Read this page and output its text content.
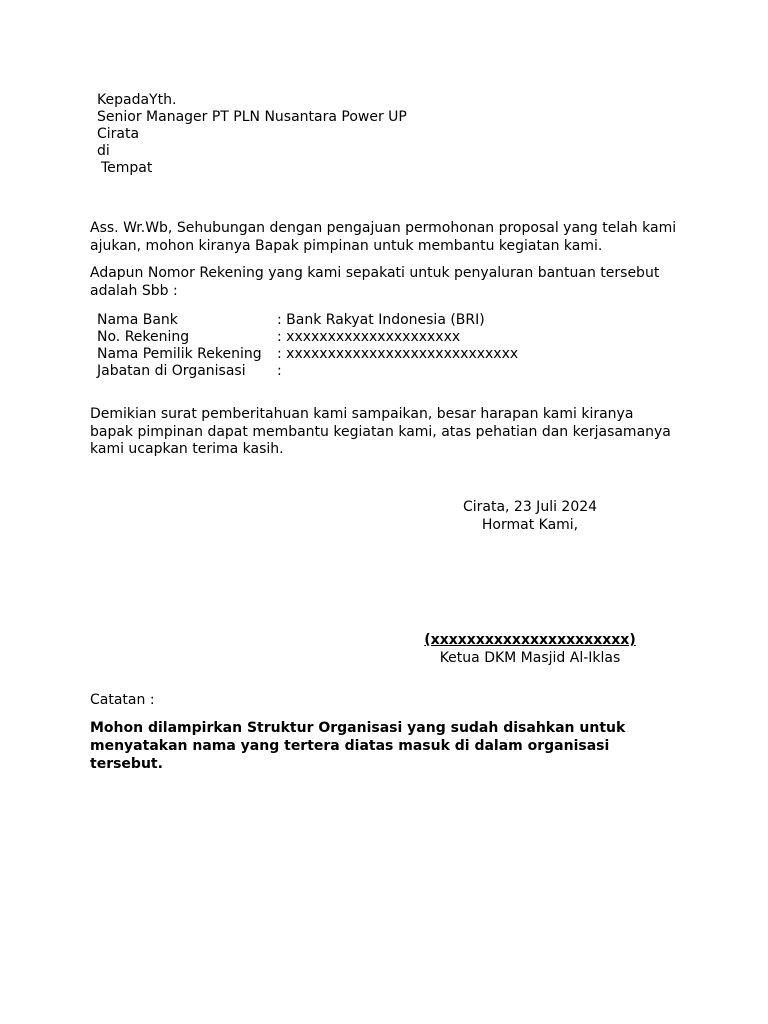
KepadaYth.
Senior Manager PT PLN Nusantara Power UP
Cirata
di
Tempat
Ass. Wr.Wb, Sehubungan dengan pengajuan permohonan proposal yang telah kami ajukan, mohon kiranya Bapak pimpinan untuk membantu kegiatan kami.
Adapun Nomor Rekening yang kami sepakati untuk penyaluran bantuan tersebut adalah Sbb :
Nama Bank	: Bank Rakyat Indonesia (BRI)
No. Rekening	: xxxxxxxxxxxxxxxxxxxxx
Nama Pemilik Rekening	: xxxxxxxxxxxxxxxxxxxxxxxxxxxx
Jabatan di Organisasi	:
Demikian surat pemberitahuan kami sampaikan, besar harapan kami kiranya bapak pimpinan dapat membantu kegiatan kami, atas pehatian dan kerjasamanya kami ucapkan terima kasih.
Cirata, 23 Juli 2024
Hormat Kami,
(xxxxxxxxxxxxxxxxxxxxxx)
Ketua DKM Masjid Al-Iklas
Catatan :
Mohon dilampirkan Struktur Organisasi yang sudah disahkan untuk menyatakan nama yang tertera diatas masuk di dalam organisasi tersebut.
